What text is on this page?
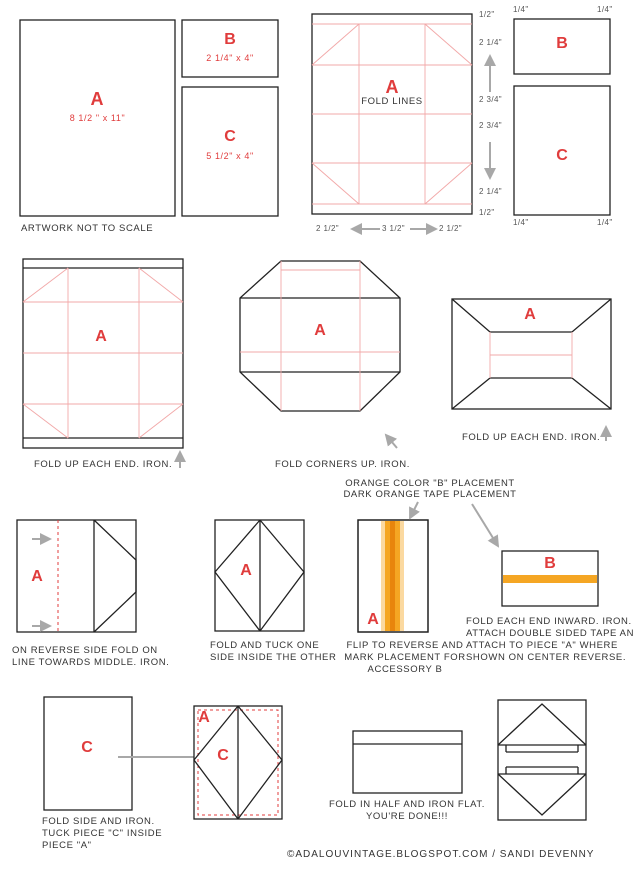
A
8 1/2 " x 11"
B
2 1/4" x 4"
C
5 1/2" x 4"
ARTWORK NOT TO SCALE
A
FOLD LINES
1/2"
2 1/4"
2 3/4"
2 3/4"
2 1/4"
1/2"
2 1/2"	3 1/2"	2 1/2"
1/4"	1/4"
1/4"	1/4"
B
C
A
FOLD UP EACH END. IRON.
A
FOLD CORNERS UP. IRON.
A
FOLD UP EACH END. IRON.
A
ON REVERSE SIDE FOLD ON LINE TOWARDS MIDDLE. IRON.
A
FOLD AND TUCK ONE SIDE INSIDE THE OTHER
ORANGE COLOR "B" PLACEMENT
DARK ORANGE TAPE PLACEMENT
A
FLIP TO REVERSE AND MARK PLACEMENT FOR ACCESSORY B
B
FOLD EACH END INWARD. IRON. ATTACH DOUBLE SIDED TAPE AN ATTACH TO PIECE "A" WHERE SHOWN ON CENTER REVERSE.
C
FOLD SIDE AND IRON. TUCK PIECE "C" INSIDE PIECE "A"
A
C
FOLD IN HALF AND IRON FLAT. YOU'RE DONE!!!
©ADALOUVINTAGE.BLOGSPOT.COM / SANDI DEVENNY
